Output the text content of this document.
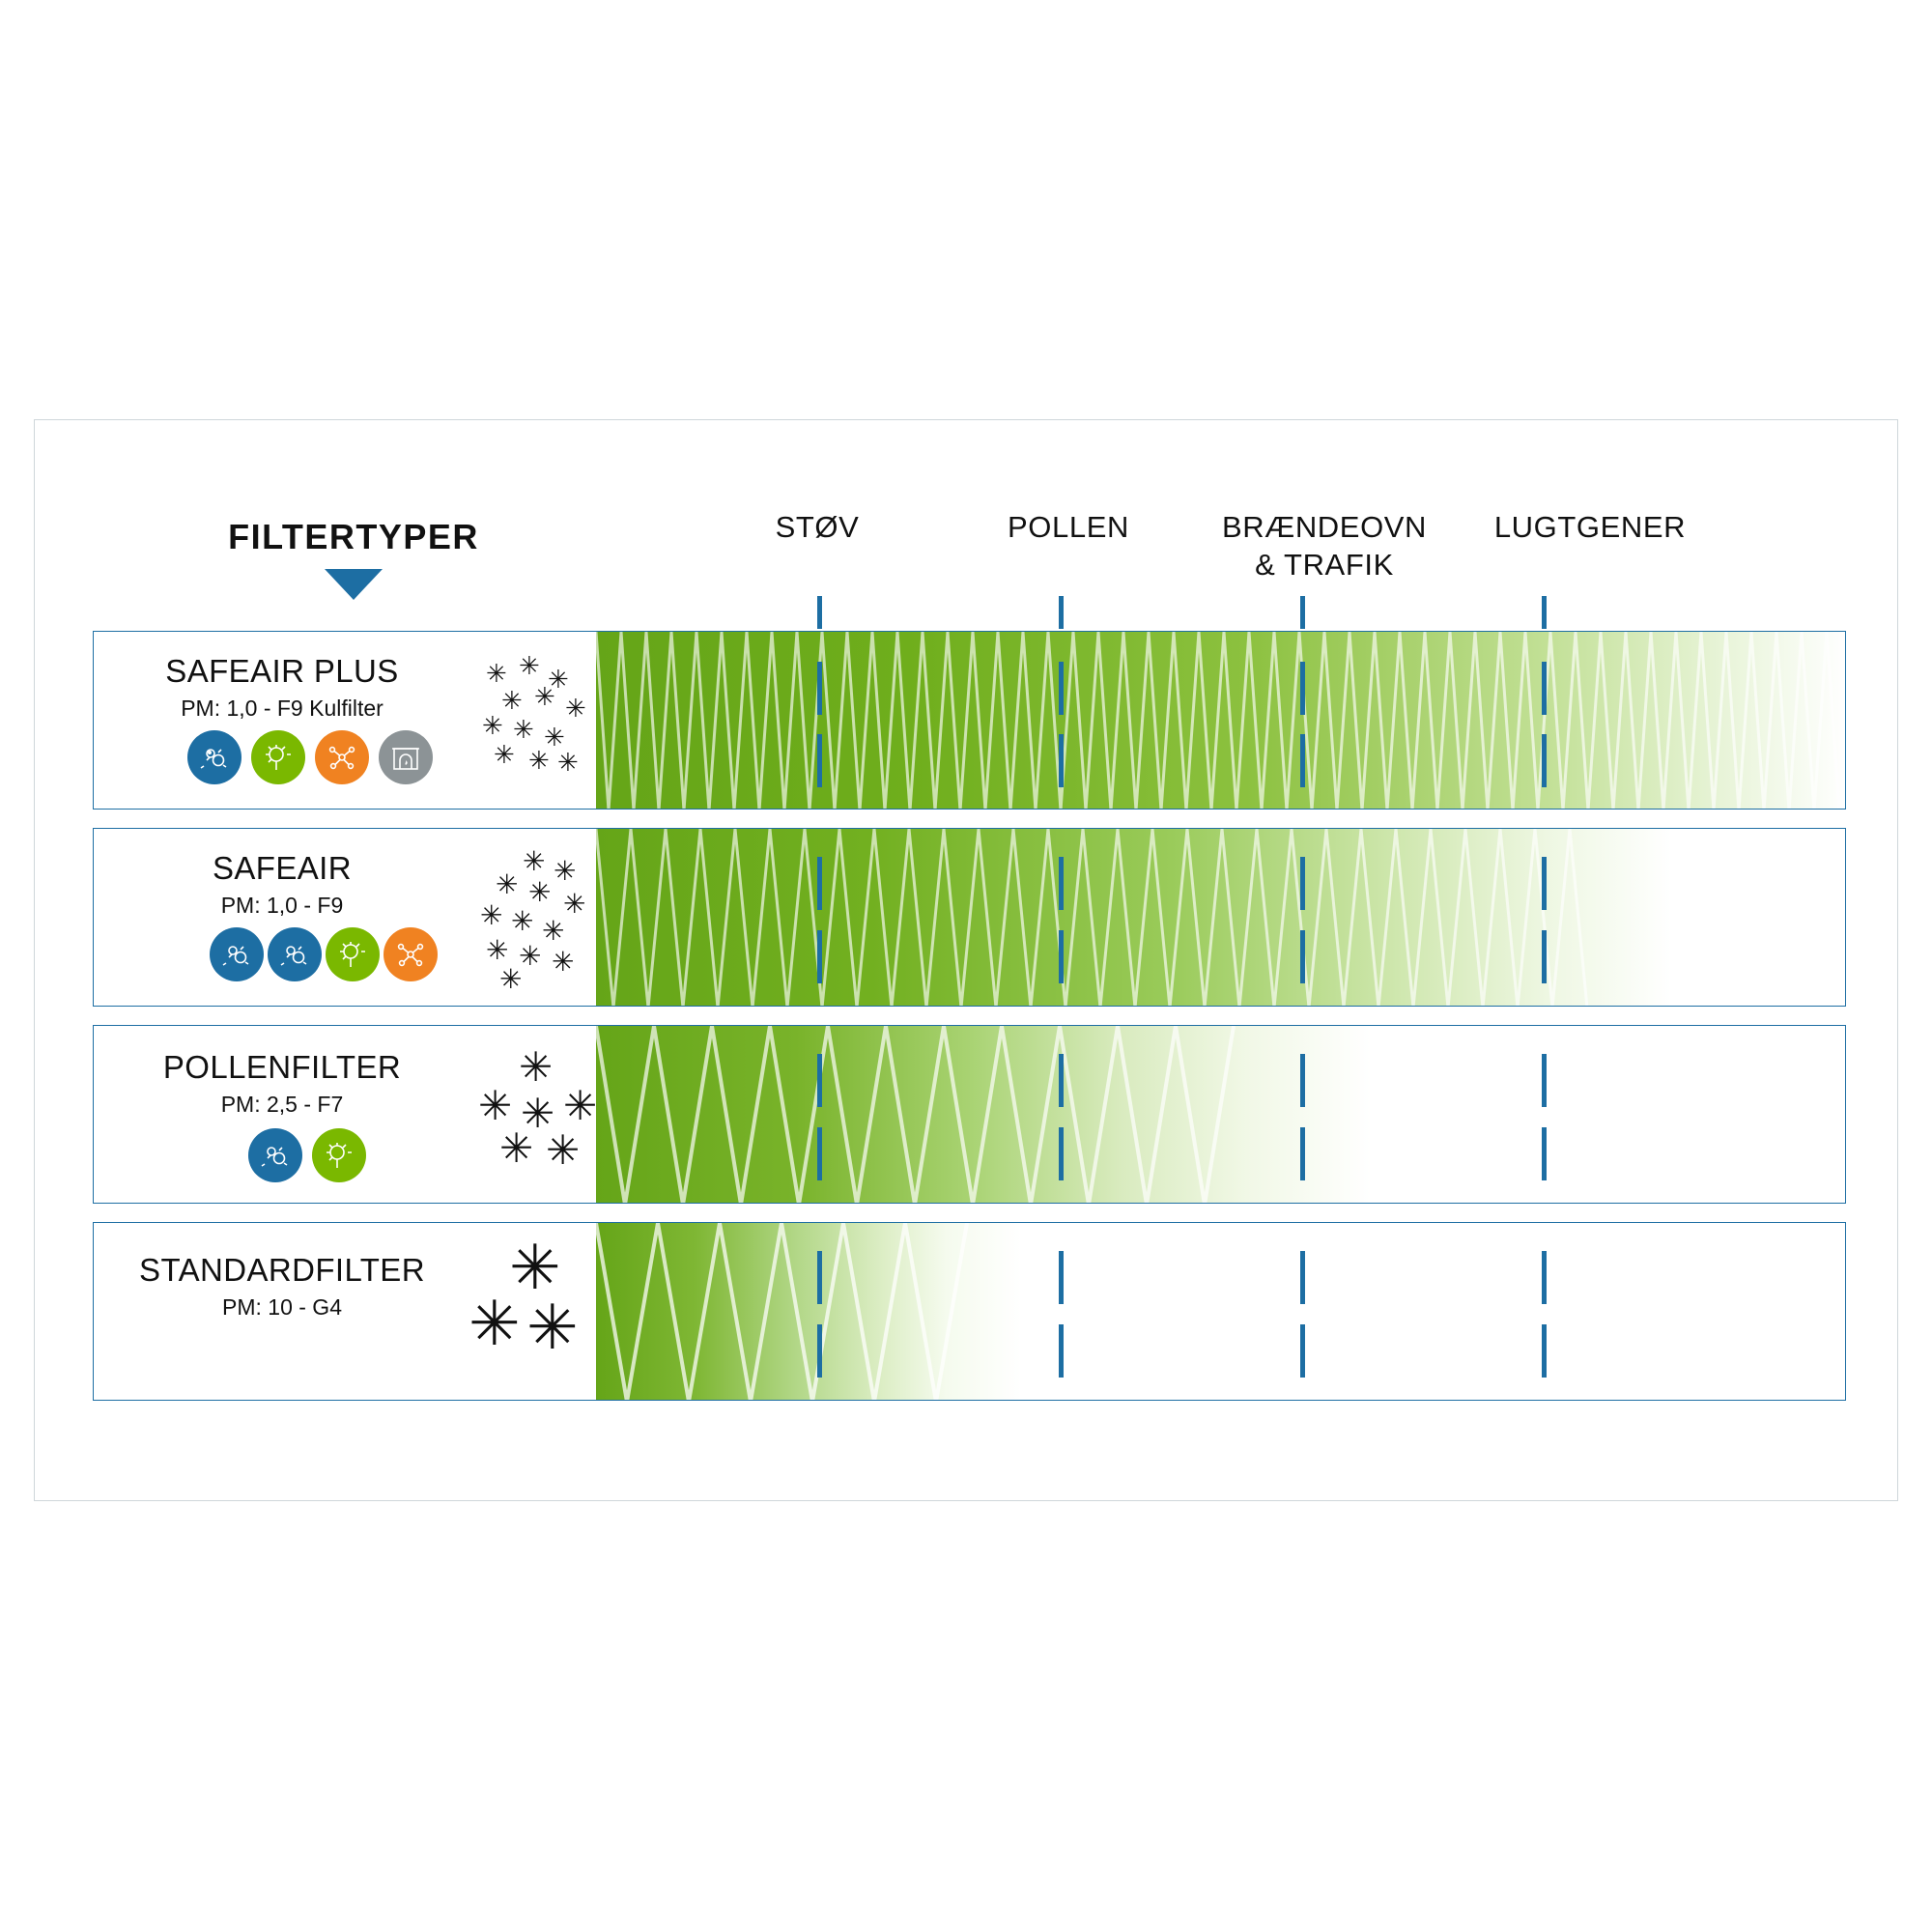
FILTERTYPER	STØV	POLLEN	BRÆNDEOVN
& TRAFIK
LUGTGENER
SAFEAIR PLUS
PM: 1,0 - F9 Kulfilter
✳ ✳ ✳
✳ ✳ ✳
✳ ✳ ✳
✳ ✳ ✳
SAFEAIR
PM: 1,0 - F9
✳ ✳
✳ ✳ ✳
✳ ✳ ✳
✳ ✳ ✳
✳
POLLENFILTER
PM: 2,5 - F7
✳
✳ ✳ ✳
✳ ✳
STANDARDFILTER
PM: 10 - G4
✳
✳ ✳
